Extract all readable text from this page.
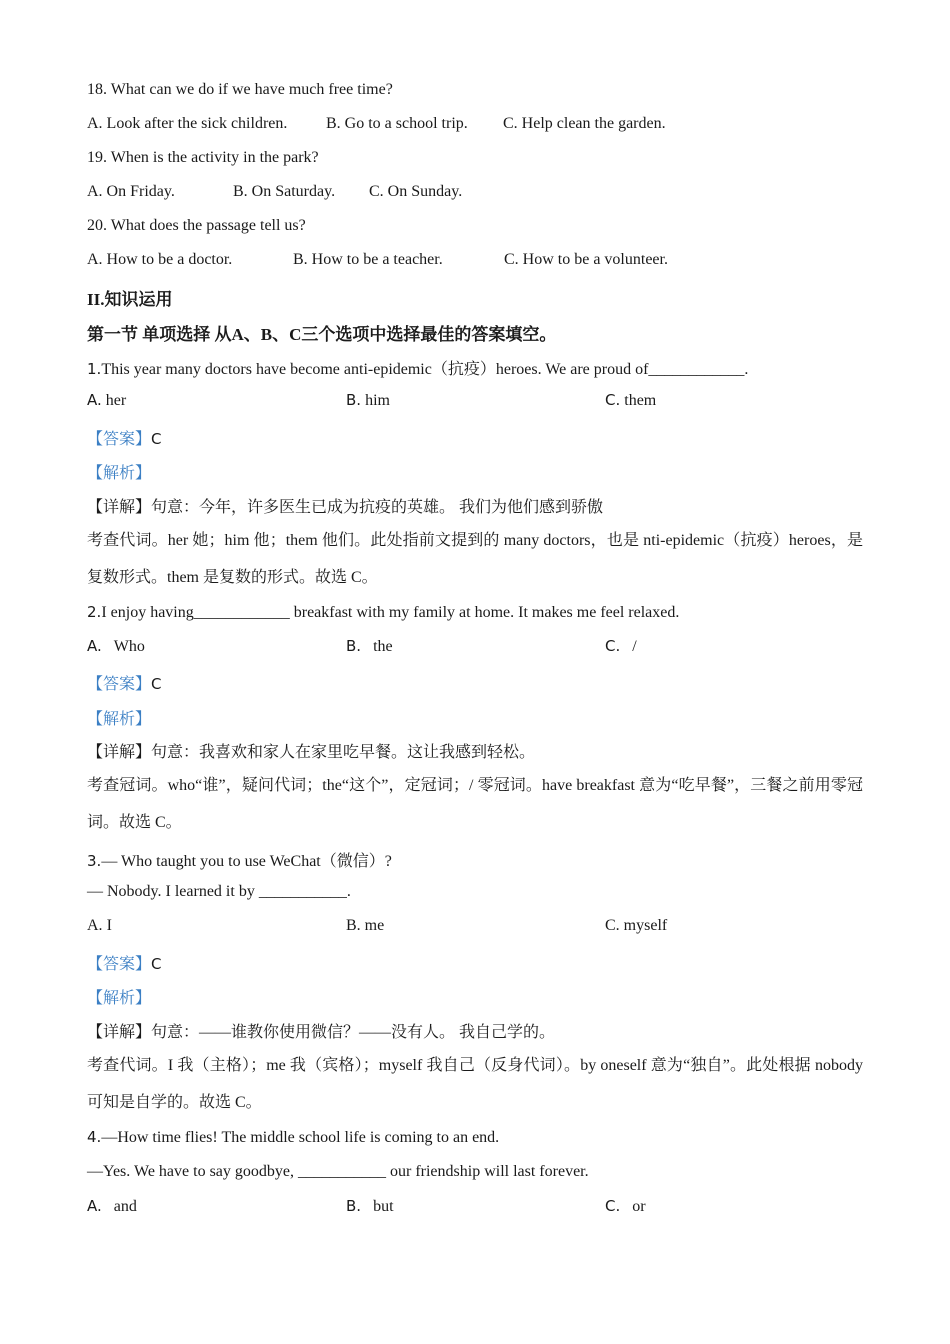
18. What can we do if we have much free time?
A. Look after the sick children. B. Go to a school trip. C. Help clean the garden.
19. When is the activity in the park?
A. On Friday.	B. On Saturday. C. On Sunday.
20. What does the passage tell us?
A. How to be a doctor.	B. How to be a teacher.	C. How to be a volunteer.
II.知识运用
第一节 单项选择 从A、B、C三个选项中选择最佳的答案填空。
1.This year many doctors have become anti-epidemic（抗疫）heroes. We are proud of____________.
A. her	B. him	C. them
【答案】C
【解析】
【详解】句意：今年，许多医生已成为抗疫的英雄。 我们为他们感到骄傲
考查代词。her 她；him 他；them 他们。此处指前文提到的 many doctors，也是 nti-epidemic（抗疫）heroes，是复数形式。them 是复数的形式。故选 C。
2.I enjoy having____________ breakfast with my family at home. It makes me feel relaxed.
A. Who	B. the	C. /
【答案】C
【解析】
【详解】句意：我喜欢和家人在家里吃早餐。这让我感到轻松。
考查冠词。who“谁”，疑问代词；the“这个”，定冠词；/ 零冠词。have breakfast 意为“吃早餐”，三餐之前用零冠词。故选 C。
3.— Who taught you to use WeChat（微信）?
— Nobody. I learned it by ___________.
A. I	B. me	C. myself
【答案】C
【解析】
【详解】句意：——谁教你使用微信？——没有人。 我自己学的。
考查代词。I 我（主格）；me 我（宾格）；myself 我自己（反身代词）。by oneself 意为“独自”。此处根据 nobody 可知是自学的。故选 C。
4.—How time flies! The middle school life is coming to an end.
—Yes. We have to say goodbye, ___________ our friendship will last forever.
A. and	B. but	C. or
